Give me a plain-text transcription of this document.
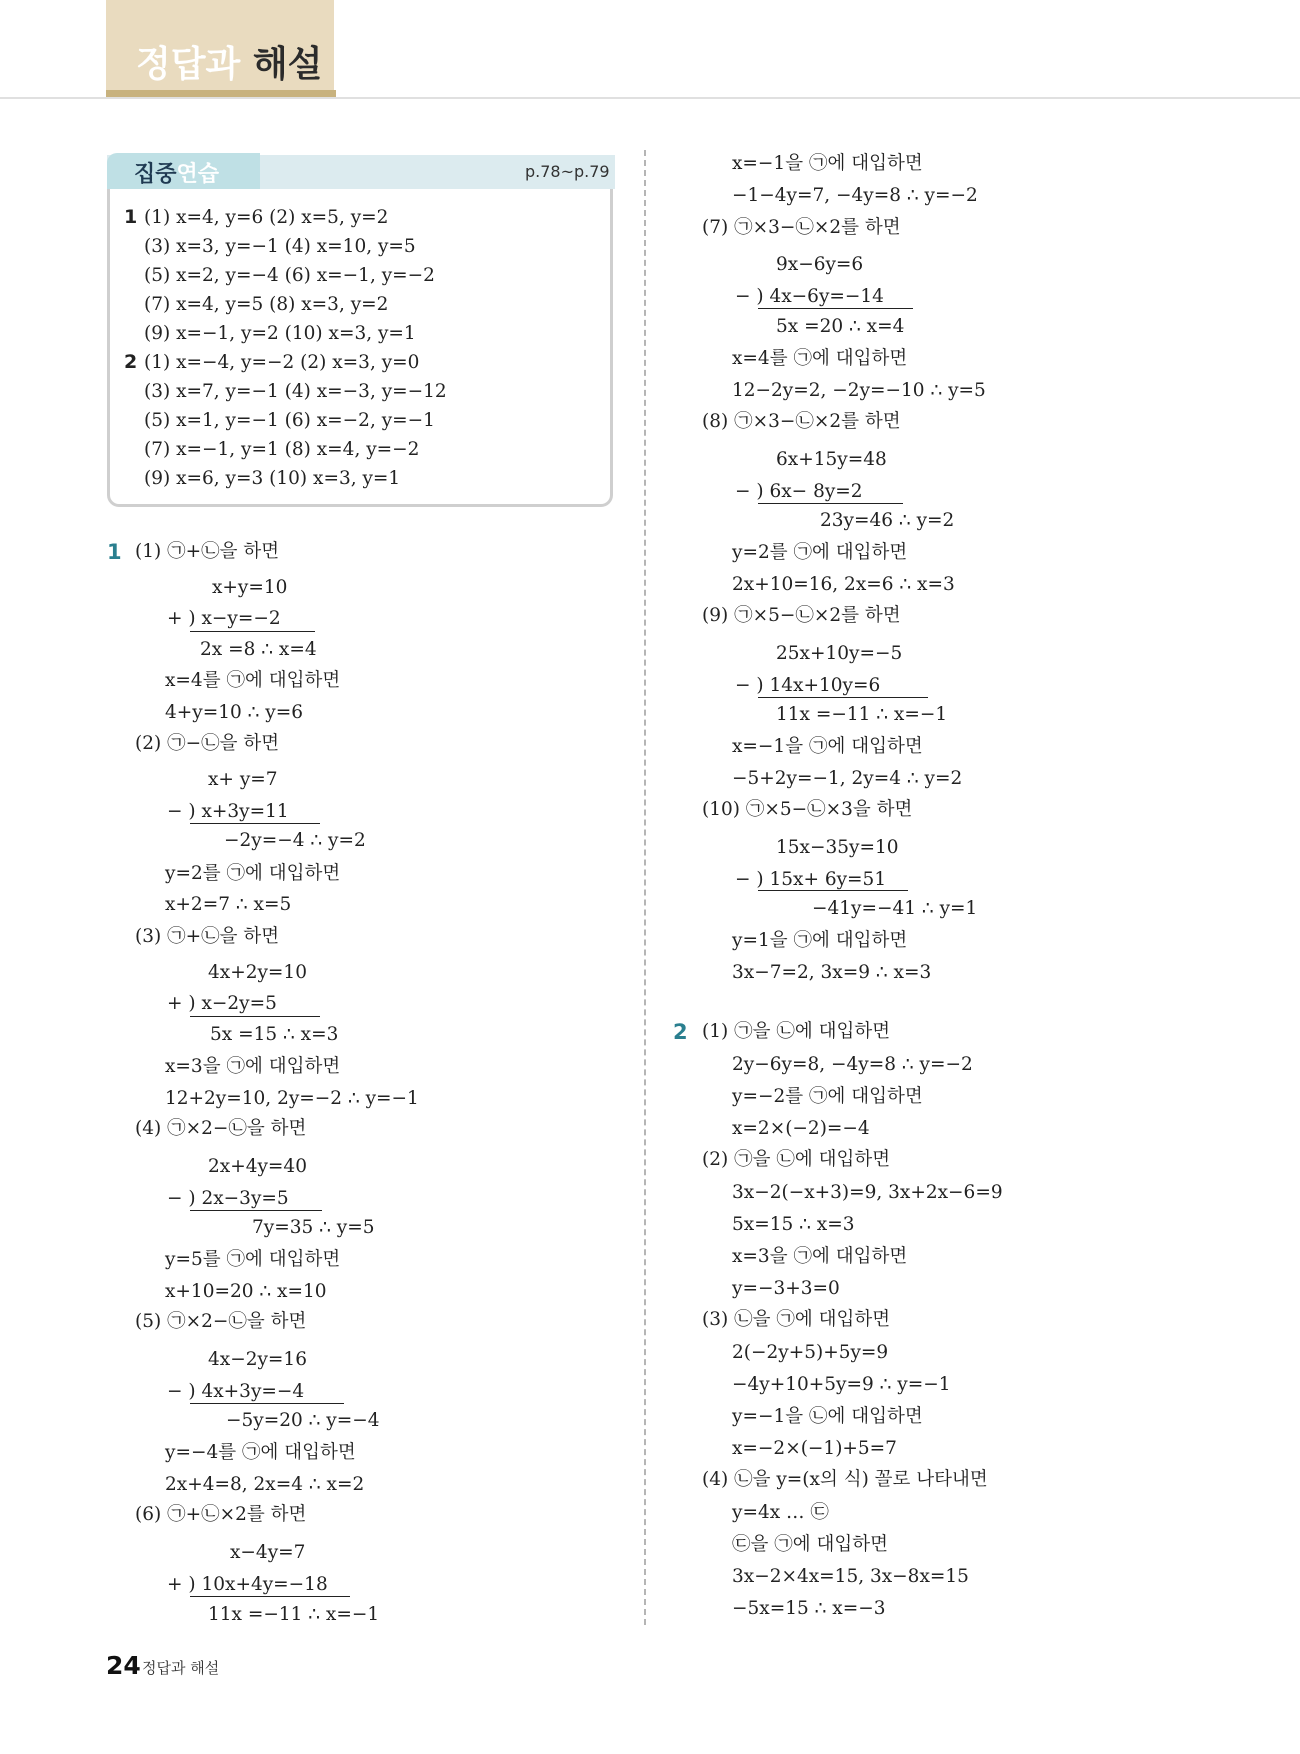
정답과 해설
집중연습	p.78~p.79
1 (1) x=4, y=6 (2) x=5, y=2
(3) x=3, y=−1 (4) x=10, y=5
(5) x=2, y=−4 (6) x=−1, y=−2
(7) x=4, y=5 (8) x=3, y=2
(9) x=−1, y=2 (10) x=3, y=1
2 (1) x=−4, y=−2 (2) x=3, y=0
(3) x=7, y=−1 (4) x=−3, y=−12
(5) x=1, y=−1 (6) x=−2, y=−1
(7) x=−1, y=1 (8) x=4, y=−2
(9) x=6, y=3 (10) x=3, y=1
1
2
(1) ㉠+㉡을 하면
x+y=10
+ ) x−y=−2
2x =8 ∴ x=4
x=4를 ㉠에 대입하면
4+y=10 ∴ y=6
(2) ㉠−㉡을 하면
x+ y=7
− ) x+3y=11
−2y=−4 ∴ y=2
y=2를 ㉠에 대입하면
x+2=7 ∴ x=5
(3) ㉠+㉡을 하면
4x+2y=10
+ ) x−2y=5
5x =15 ∴ x=3
x=3을 ㉠에 대입하면
12+2y=10, 2y=−2 ∴ y=−1
(4) ㉠×2−㉡을 하면
2x+4y=40
− ) 2x−3y=5
7y=35 ∴ y=5
y=5를 ㉠에 대입하면
x+10=20 ∴ x=10
(5) ㉠×2−㉡을 하면
4x−2y=16
− ) 4x+3y=−4
−5y=20 ∴ y=−4
y=−4를 ㉠에 대입하면
2x+4=8, 2x=4 ∴ x=2
(6) ㉠+㉡×2를 하면
x−4y=7
+ ) 10x+4y=−18
11x =−11 ∴ x=−1
x=−1을 ㉠에 대입하면
−1−4y=7, −4y=8 ∴ y=−2
(7) ㉠×3−㉡×2를 하면
9x−6y=6
− ) 4x−6y=−14
5x =20 ∴ x=4
x=4를 ㉠에 대입하면
12−2y=2, −2y=−10 ∴ y=5
(8) ㉠×3−㉡×2를 하면
6x+15y=48
− ) 6x− 8y=2
23y=46 ∴ y=2
y=2를 ㉠에 대입하면
2x+10=16, 2x=6 ∴ x=3
(9) ㉠×5−㉡×2를 하면
25x+10y=−5
− ) 14x+10y=6
11x =−11 ∴ x=−1
x=−1을 ㉠에 대입하면
−5+2y=−1, 2y=4 ∴ y=2
(10) ㉠×5−㉡×3을 하면
15x−35y=10
− ) 15x+ 6y=51
−41y=−41 ∴ y=1
y=1을 ㉠에 대입하면
3x−7=2, 3x=9 ∴ x=3
(1) ㉠을 ㉡에 대입하면
2y−6y=8, −4y=8 ∴ y=−2
y=−2를 ㉠에 대입하면
x=2×(−2)=−4
(2) ㉠을 ㉡에 대입하면
3x−2(−x+3)=9, 3x+2x−6=9
5x=15 ∴ x=3
x=3을 ㉠에 대입하면
y=−3+3=0
(3) ㉡을 ㉠에 대입하면
2(−2y+5)+5y=9
−4y+10+5y=9 ∴ y=−1
y=−1을 ㉡에 대입하면
x=−2×(−1)+5=7
(4) ㉡을 y=(x의 식) 꼴로 나타내면
y=4x … ㉢
㉢을 ㉠에 대입하면
3x−2×4x=15, 3x−8x=15
−5x=15 ∴ x=−3
24 정답과 해설
